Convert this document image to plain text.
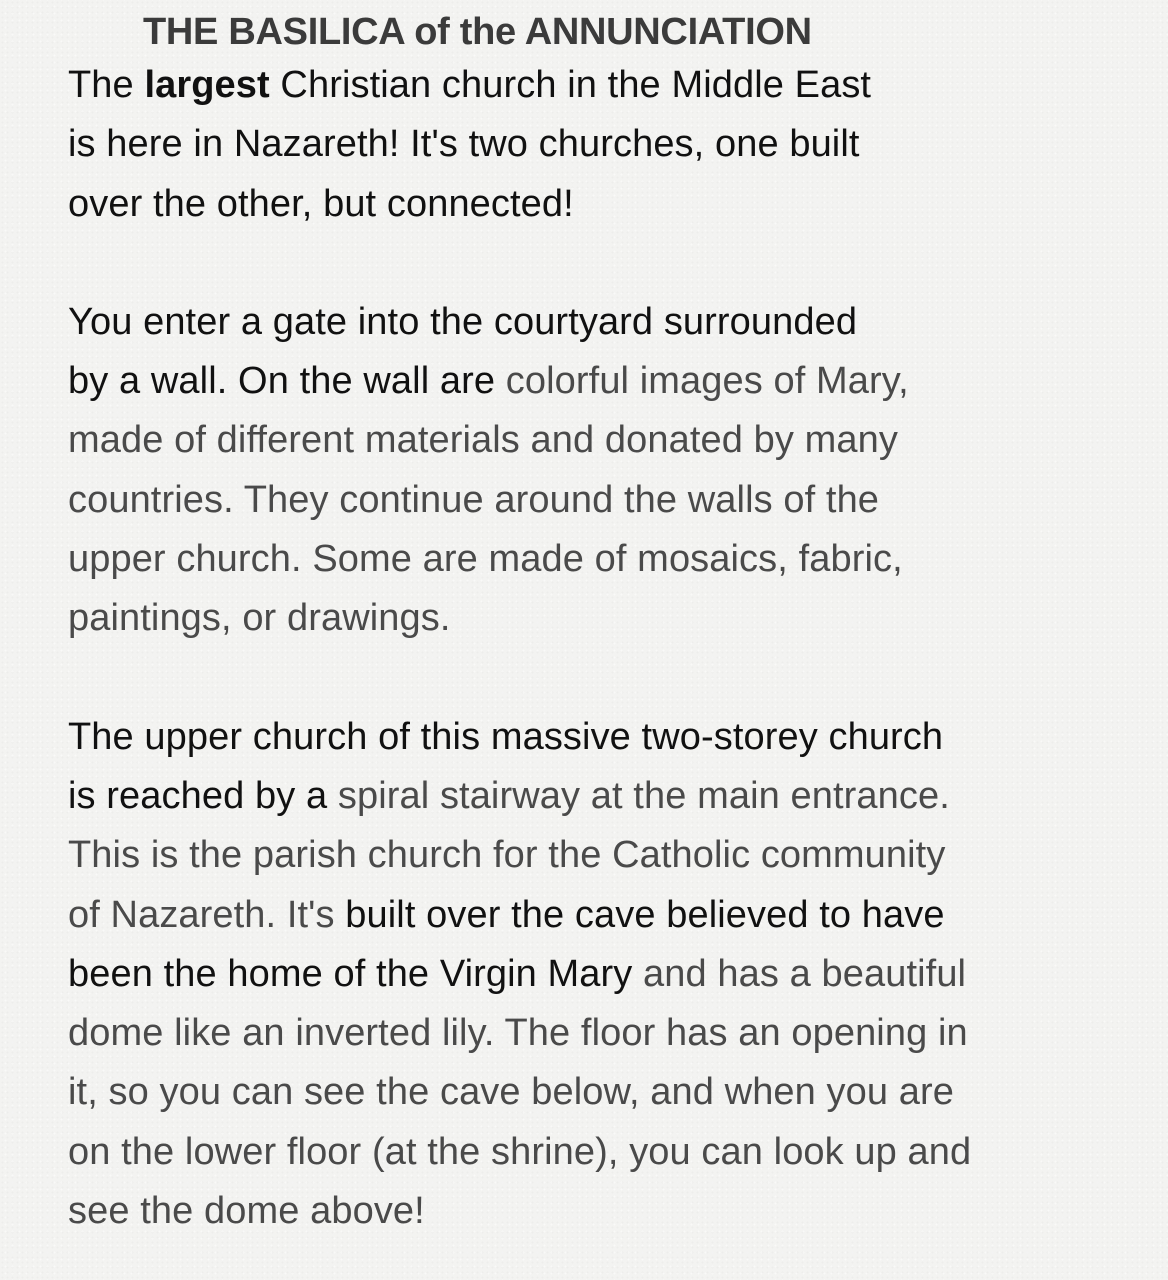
THE BASILICA of the ANNUNCIATION

The largest Christian church in the Middle East
is here in Nazareth! It's two churches, one built
over the other, but connected!

You enter a gate into the courtyard surrounded
by a wall. On the wall are colorful images of Mary,
made of different materials and donated by many
countries. They continue around the walls of the
upper church. Some are made of mosaics, fabric,
paintings, or drawings.

The upper church of this massive two-storey church
is reached by a spiral stairway at the main entrance.
This is the parish church for the Catholic community
of Nazareth. It's built over the cave believed to have
been the home of the Virgin Mary and has a beautiful
dome like an inverted lily. The floor has an opening in
it, so you can see the cave below, and when you are
on the lower floor (at the shrine), you can look up and
see the dome above!
